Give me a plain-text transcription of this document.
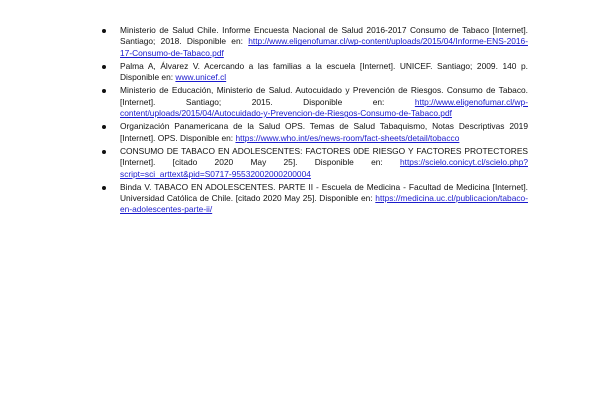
Ministerio de Salud Chile. Informe Encuesta Nacional de Salud 2016-2017 Consumo de Tabaco [Internet]. Santiago; 2018. Disponible en: http://www.eligenofumar.cl/wp-content/uploads/2015/04/Informe-ENS-2016-17-Consumo-de-Tabaco.pdf
Palma A, Álvarez V. Acercando a las familias a la escuela [Internet]. UNICEF. Santiago; 2009. 140 p. Disponible en: www.unicef.cl
Ministerio de Educación, Ministerio de Salud. Autocuidado y Prevención de Riesgos. Consumo de Tabaco. [Internet]. Santiago; 2015. Disponible en: http://www.eligenofumar.cl/wp-content/uploads/2015/04/Autocuidado-y-Prevencion-de-Riesgos-Consumo-de-Tabaco.pdf
Organización Panamericana de la Salud OPS. Temas de Salud Tabaquismo, Notas Descriptivas 2019 [Internet]. OPS. Disponible en: https://www.who.int/es/news-room/fact-sheets/detail/tobacco
CONSUMO DE TABACO EN ADOLESCENTES: FACTORES 0DE RIESGO Y FACTORES PROTECTORES [Internet]. [citado 2020 May 25]. Disponible en: https://scielo.conicyt.cl/scielo.php?script=sci_arttext&pid=S0717-95532002000200004
Binda V. TABACO EN ADOLESCENTES. PARTE II - Escuela de Medicina - Facultad de Medicina [Internet]. Universidad Católica de Chile. [citado 2020 May 25]. Disponible en: https://medicina.uc.cl/publicacion/tabaco-en-adolescentes-parte-ii/
